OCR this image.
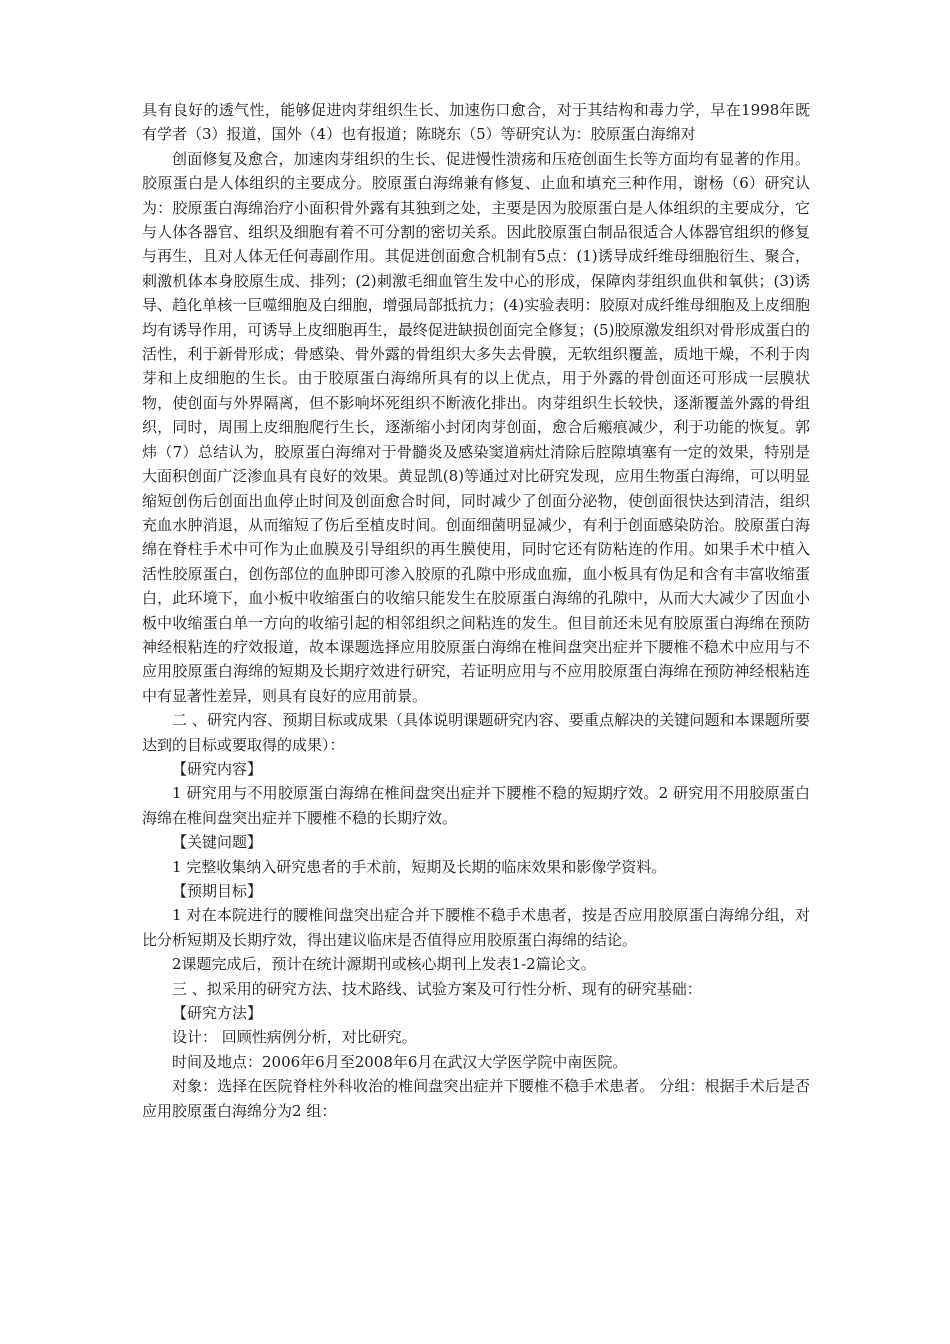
具有良好的透气性，能够促进肉芽组织生长、加速伤口愈合，对于其结构和毒力学，早在1998年既有学者（3）报道，国外（4）也有报道；陈晓东（5）等研究认为：胶原蛋白海绵对

创面修复及愈合，加速肉芽组织的生长、促进慢性溃疡和压疮创面生长等方面均有显著的作用。胶原蛋白是人体组织的主要成分。胶原蛋白海绵兼有修复、止血和填充三种作用，谢杨（6）研究认为：胶原蛋白海绵治疗小面积骨外露有其独到之处，主要是因为胶原蛋白是人体组织的主要成分，它与人体各器官、组织及细胞有着不可分割的密切关系。因此胶原蛋白制品很适合人体器官组织的修复与再生，且对人体无任何毒副作用。其促进创面愈合机制有5点：(1)诱导成纤维母细胞衍生、聚合，刺激机体本身胶原生成、排列；(2)刺激毛细血管生发中心的形成，保障肉芽组织血供和氧供；(3)诱导、趋化单核一巨噬细胞及白细胞，增强局部抵抗力；(4)实验表明：胶原对成纤维母细胞及上皮细胞均有诱导作用，可诱导上皮细胞再生，最终促进缺损创面完全修复；(5)胶原激发组织对骨形成蛋白的活性，利于新骨形成；骨感染、骨外露的骨组织大多失去骨膜，无软组织覆盖，质地干燥，不利于肉芽和上皮细胞的生长。由于胶原蛋白海绵所具有的以上优点，用于外露的骨创面还可形成一层膜状物，使创面与外界隔离，但不影响坏死组织不断液化排出。肉芽组织生长较快，逐渐覆盖外露的骨组织，同时，周围上皮细胞爬行生长，逐渐缩小封闭肉芽创面，愈合后瘢痕减少，利于功能的恢复。郭炜（7）总结认为，胶原蛋白海绵对于骨髓炎及感染窦道病灶清除后腔隙填塞有一定的效果，特别是大面积创面广泛渗血具有良好的效果。黄显凯(8)等通过对比研究发现，应用生物蛋白海绵，可以明显缩短创伤后创面出血停止时间及创面愈合时间，同时减少了创面分泌物，使创面很快达到清洁，组织充血水肿消退，从而缩短了伤后至植皮时间。创面细菌明显减少，有利于创面感染防治。胶原蛋白海绵在脊柱手术中可作为止血膜及引导组织的再生膜使用，同时它还有防粘连的作用。如果手术中植入活性胶原蛋白，创伤部位的血肿即可渗入胶原的孔隙中形成血痂，血小板具有伪足和含有丰富收缩蛋白，此环境下，血小板中收缩蛋白的收缩只能发生在胶原蛋白海绵的孔隙中，从而大大减少了因血小板中收缩蛋白单一方向的收缩引起的相邻组织之间粘连的发生。但目前还未见有胶原蛋白海绵在预防神经根粘连的疗效报道，故本课题选择应用胶原蛋白海绵在椎间盘突出症并下腰椎不稳术中应用与不应用胶原蛋白海绵的短期及长期疗效进行研究，若证明应用与不应用胶原蛋白海绵在预防神经根粘连中有显著性差异，则具有良好的应用前景。

二 、研究内容、预期目标或成果（具体说明课题研究内容、要重点解决的关键问题和本课题所要达到的目标或要取得的成果）：

【研究内容】

1 研究用与不用胶原蛋白海绵在椎间盘突出症并下腰椎不稳的短期疗效。2 研究用不用胶原蛋白海绵在椎间盘突出症并下腰椎不稳的长期疗效。

【关键问题】

1 完整收集纳入研究患者的手术前，短期及长期的临床效果和影像学资料。

【预期目标】

1 对在本院进行的腰椎间盘突出症合并下腰椎不稳手术患者，按是否应用胶原蛋白海绵分组，对比分析短期及长期疗效，得出建议临床是否值得应用胶原蛋白海绵的结论。

2课题完成后，预计在统计源期刊或核心期刊上发表1-2篇论文。

三 、拟采用的研究方法、技术路线、试验方案及可行性分析、现有的研究基础：

【研究方法】

设计： 回顾性病例分析，对比研究。

时间及地点：2006年6月至2008年6月在武汉大学医学院中南医院。

对象：选择在医院脊柱外科收治的椎间盘突出症并下腰椎不稳手术患者。 分组：根据手术后是否应用胶原蛋白海绵分为2 组：
